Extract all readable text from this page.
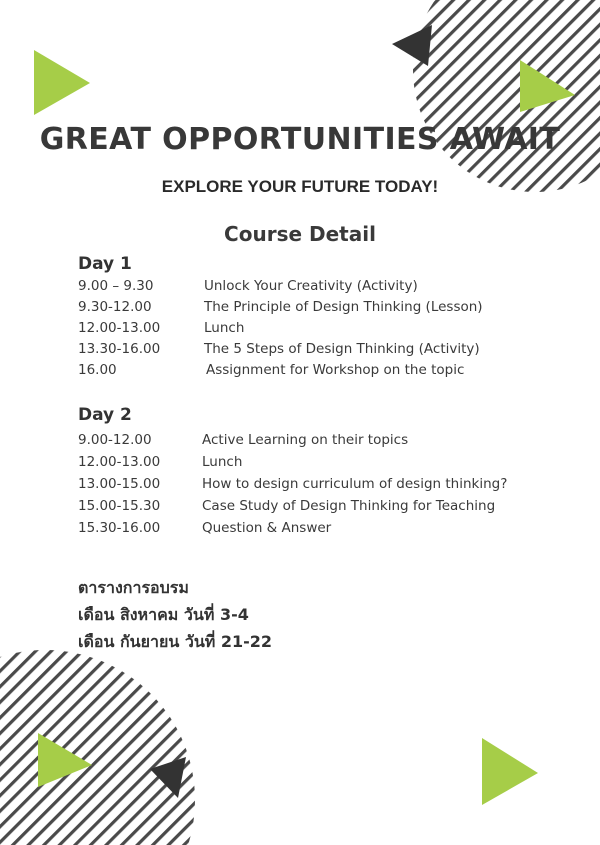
GREAT OPPORTUNITIES AWAIT
EXPLORE YOUR FUTURE TODAY!
Course Detail
Day 1
9.00 – 9.30	Unlock Your Creativity (Activity)
9.30-12.00	The Principle of Design Thinking (Lesson)
12.00-13.00	Lunch
13.30-16.00	The 5 Steps of Design Thinking (Activity)
16.00	Assignment for Workshop on the topic
Day 2
9.00-12.00	Active Learning on their topics
12.00-13.00	Lunch
13.00-15.00	How to design curriculum of design thinking?
15.00-15.30	Case Study of Design Thinking for Teaching
15.30-16.00	Question & Answer
ตารางการอบรม
เดือน สิงหาคม วันที่ 3-4
เดือน กันยายน วันที่ 21-22
